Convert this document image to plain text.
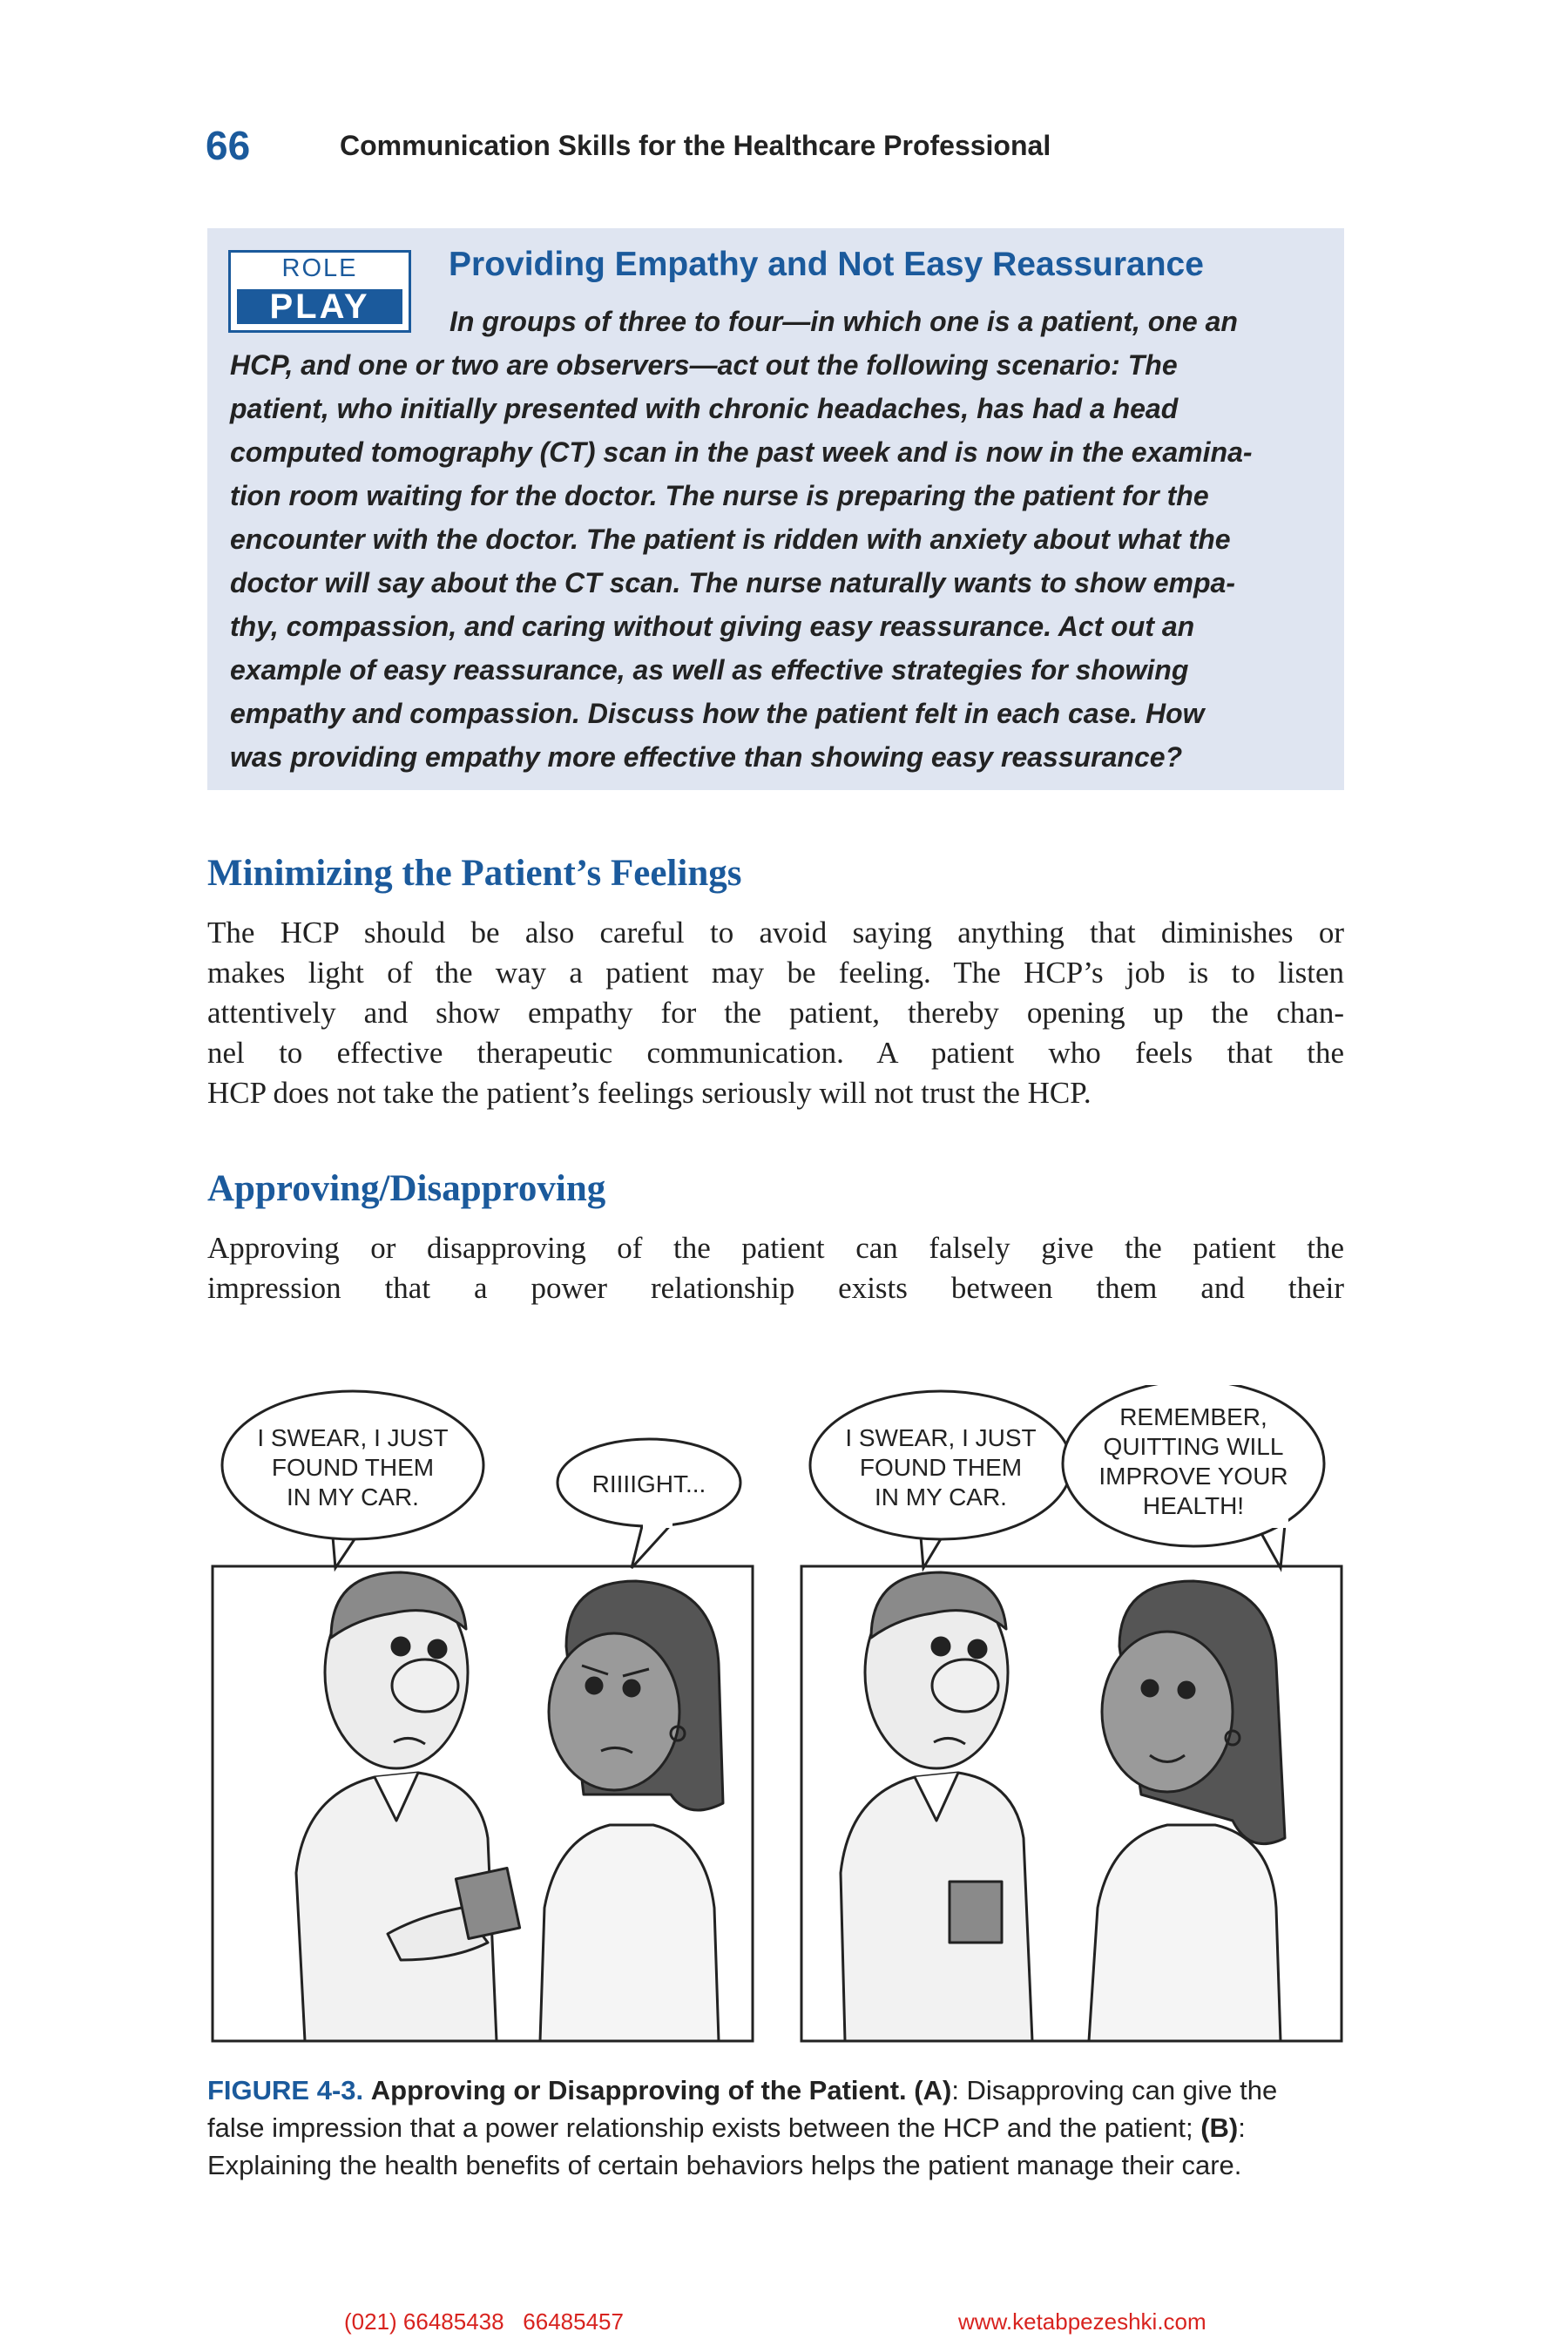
66	Communication Skills for the Healthcare Professional
ROLE
PLAY
Providing Empathy and Not Easy Reassurance
In groups of three to four—in which one is a patient, one an
HCP, and one or two are observers—act out the following scenario: The
patient, who initially presented with chronic headaches, has had a head
computed tomography (CT) scan in the past week and is now in the examina-
tion room waiting for the doctor. The nurse is preparing the patient for the
encounter with the doctor. The patient is ridden with anxiety about what the
doctor will say about the CT scan. The nurse naturally wants to show empa-
thy, compassion, and caring without giving easy reassurance. Act out an
example of easy reassurance, as well as effective strategies for showing
empathy and compassion. Discuss how the patient felt in each case. How
was providing empathy more effective than showing easy reassurance?
Minimizing the Patient’s Feelings
The HCP should be also careful to avoid saying anything that diminishes or
makes light of the way a patient may be feeling. The HCP’s job is to listen
attentively and show empathy for the patient, thereby opening up the chan-
nel to effective therapeutic communication. A patient who feels that the
HCP does not take the patient’s feelings seriously will not trust the HCP.
Approving/Disapproving
Approving or disapproving of the patient can falsely give the patient the
impression that a power relationship exists between them and their
I SWEAR, I JUST
FOUND THEM
IN MY CAR.	RIIIIGHT...
I SWEAR, I JUST
FOUND THEM
IN MY CAR.
REMEMBER,
QUITTING WILL
IMPROVE YOUR
HEALTH!
FIGURE 4-3. Approving or Disapproving of the Patient. (A): Disapproving can give the
false impression that a power relationship exists between the HCP and the patient; (B):
Explaining the health benefits of certain behaviors helps the patient manage their care.
(021) 66485438   66485457	www.ketabpezeshki.com
